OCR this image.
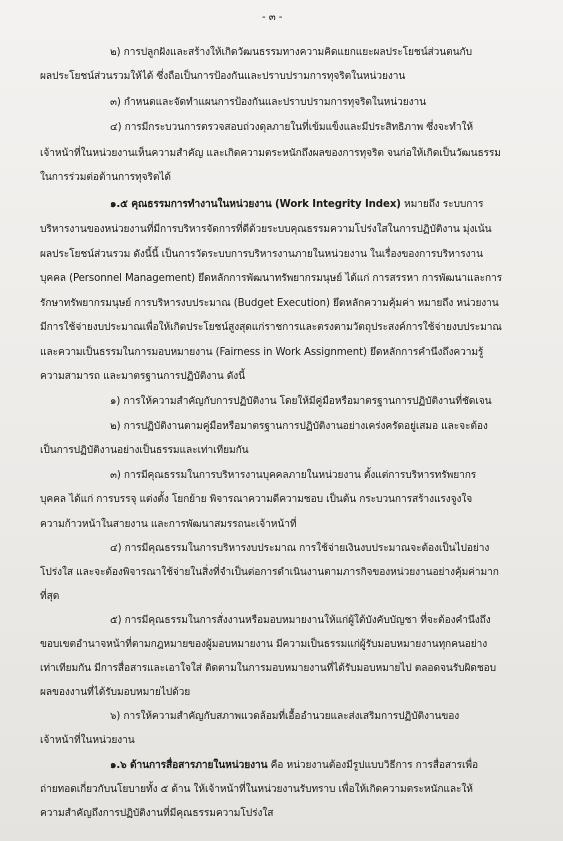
- ๓ -
๒) การปลูกฝังและสร้างให้เกิดวัฒนธรรมทางความคิดแยกแยะผลประโยชน์ส่วนตนกับ
ผลประโยชน์ส่วนรวมให้ได้ ซึ่งถือเป็นการป้องกันและปราบปรามการทุจริตในหน่วยงาน
๓) กำหนดและจัดทำแผนการป้องกันและปราบปรามการทุจริตในหน่วยงาน
๔) การมีกระบวนการตรวจสอบถ่วงดุลภายในที่เข้มแข็งและมีประสิทธิภาพ ซึ่งจะทำให้
เจ้าหน้าที่ในหน่วยงานเห็นความสำคัญ และเกิดความตระหนักถึงผลของการทุจริต จนก่อให้เกิดเป็นวัฒนธรรม
ในการร่วมต่อต้านการทุจริตได้
๑.๕ คุณธรรมการทำงานในหน่วยงาน (Work Integrity Index) หมายถึง ระบบการ
บริหารงานของหน่วยงานที่มีการบริหารจัดการที่ดีด้วยระบบคุณธรรมความโปร่งใสในการปฏิบัติงาน มุ่งเน้น
ผลประโยชน์ส่วนรวม ดังนี้นี้ เป็นการวัดระบบการบริหารงานภายในหน่วยงาน ในเรื่องของการบริหารงาน
บุคคล (Personnel Management) ยึดหลักการพัฒนาทรัพยากรมนุษย์ ได้แก่ การสรรหา การพัฒนาและการ
รักษาทรัพยากรมนุษย์ การบริหารงบประมาณ (Budget Execution) ยึดหลักความคุ้มค่า หมายถึง หน่วยงาน
มีการใช้จ่ายงบประมาณเพื่อให้เกิดประโยชน์สูงสุดแก่ราชการและตรงตามวัตถุประสงค์การใช้จ่ายงบประมาณ
และความเป็นธรรมในการมอบหมายงาน (Fairness in Work Assignment) ยึดหลักการคำนึงถึงความรู้
ความสามารถ และมาตรฐานการปฏิบัติงาน ดังนี้
๑) การให้ความสำคัญกับการปฏิบัติงาน โดยให้มีคู่มือหรือมาตรฐานการปฏิบัติงานที่ชัดเจน
๒) การปฏิบัติงานตามคู่มือหรือมาตรฐานการปฏิบัติงานอย่างเคร่งครัดอยู่เสมอ และจะต้อง
เป็นการปฏิบัติงานอย่างเป็นธรรมและเท่าเทียมกัน
๓) การมีคุณธรรมในการบริหารงานบุคคลภายในหน่วยงาน ตั้งแต่การบริหารทรัพยากร
บุคคล ได้แก่ การบรรจุ แต่งตั้ง โยกย้าย พิจารณาความดีความชอบ เป็นต้น กระบวนการสร้างแรงจูงใจ
ความก้าวหน้าในสายงาน และการพัฒนาสมรรถนะเจ้าหน้าที่
๔) การมีคุณธรรมในการบริหารงบประมาณ การใช้จ่ายเงินงบประมาณจะต้องเป็นไปอย่าง
โปร่งใส และจะต้องพิจารณาใช้จ่ายในสิ่งที่จำเป็นต่อการดำเนินงานตามภารกิจของหน่วยงานอย่างคุ้มค่ามาก
ที่สุด
๕) การมีคุณธรรมในการสั่งงานหรือมอบหมายงานให้แก่ผู้ใต้บังคับบัญชา ที่จะต้องคำนึงถึง
ขอบเขตอำนาจหน้าที่ตามกฎหมายของผู้มอบหมายงาน มีความเป็นธรรมแก่ผู้รับมอบหมายงานทุกคนอย่าง
เท่าเทียมกัน มีการสื่อสารและเอาใจใส่ ติดตามในการมอบหมายงานที่ได้รับมอบหมายไป ตลอดจนรับผิดชอบ
ผลของงานที่ได้รับมอบหมายไปด้วย
๖) การให้ความสำคัญกับสภาพแวดล้อมที่เอื้ออำนวยและส่งเสริมการปฏิบัติงานของ
เจ้าหน้าที่ในหน่วยงาน
๑.๖ ด้านการสื่อสารภายในหน่วยงาน คือ หน่วยงานต้องมีรูปแบบวิธีการ การสื่อสารเพื่อ
ถ่ายทอดเกี่ยวกับนโยบายทั้ง ๕ ด้าน ให้เจ้าหน้าที่ในหน่วยงานรับทราบ เพื่อให้เกิดความตระหนักและให้
ความสำคัญถึงการปฏิบัติงานที่มีคุณธรรมความโปร่งใส
